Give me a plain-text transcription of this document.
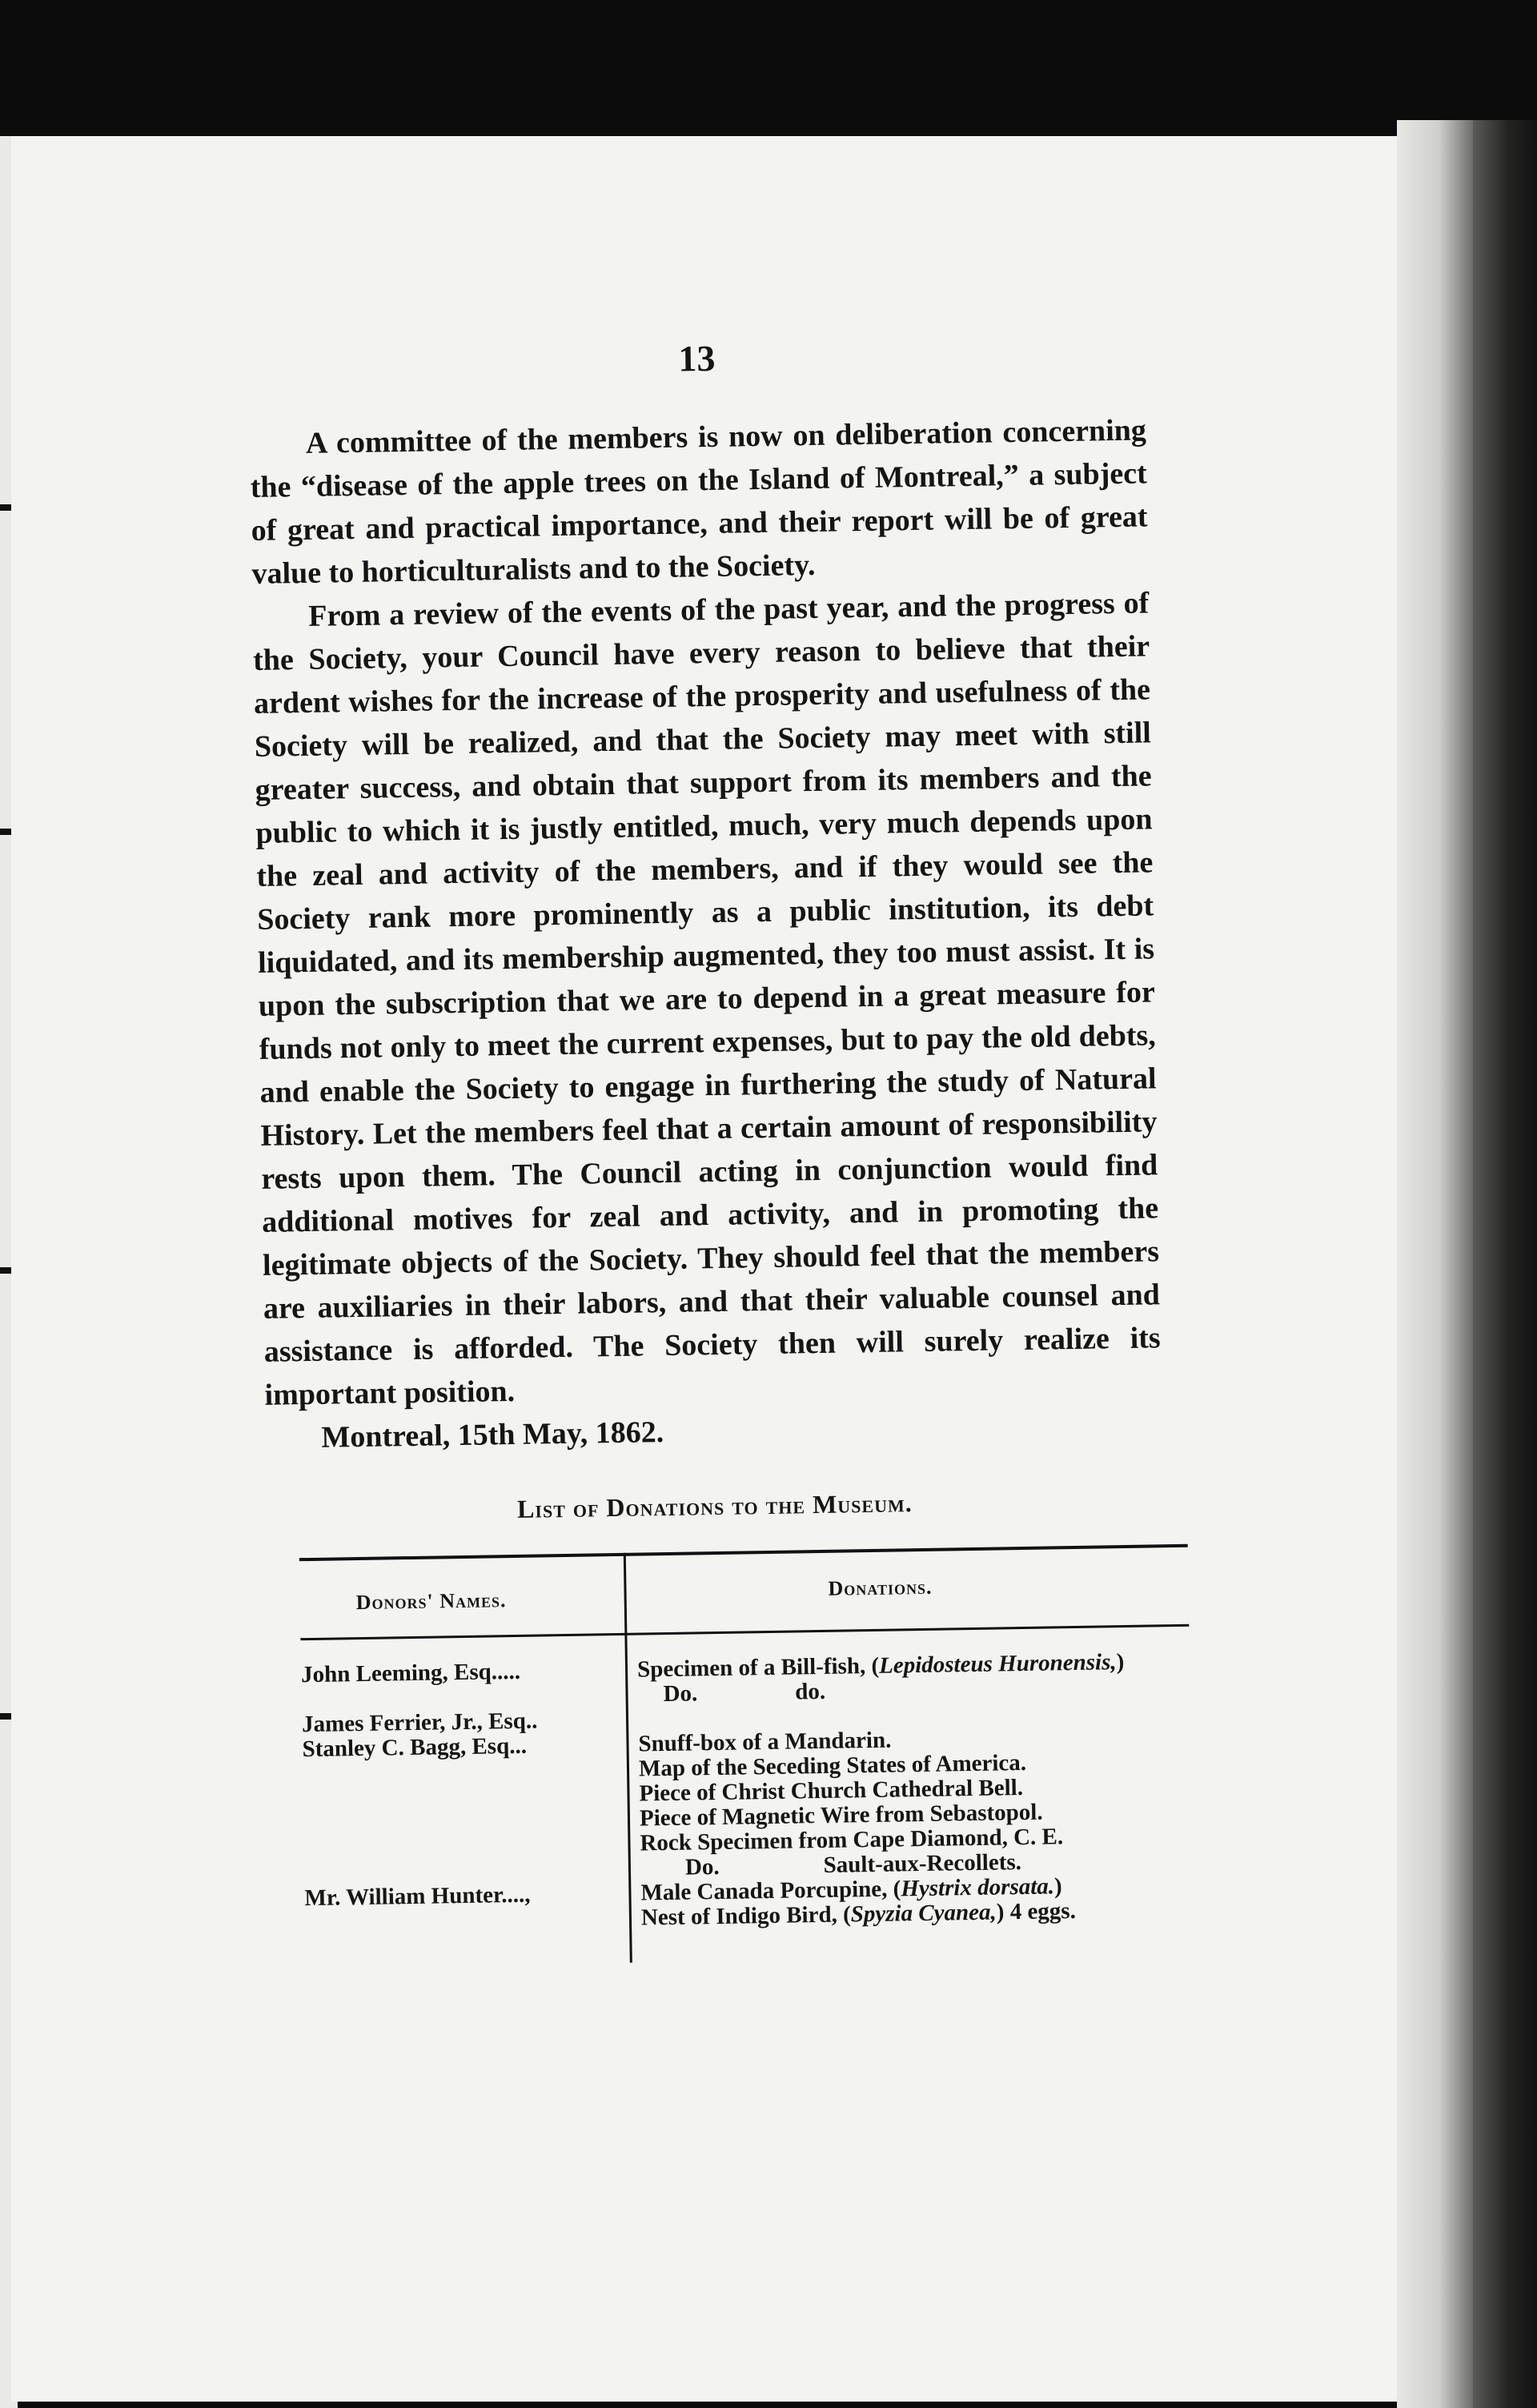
13

A committee of the members is now on deliberation concerning the “disease of the apple trees on the Island of Montreal,” a subject of great and practical importance, and their report will be of great value to horticulturalists and to the Society.

From a review of the events of the past year, and the progress of the Society, your Council have every reason to believe that their ardent wishes for the increase of the prosperity and usefulness of the Society will be realized, and that the Society may meet with still greater success, and obtain that support from its members and the public to which it is justly entitled, much, very much depends upon the zeal and activity of the members, and if they would see the Society rank more prominently as a public institution, its debt liquidated, and its membership augmented, they too must assist. It is upon the subscription that we are to depend in a great measure for funds not only to meet the current expenses, but to pay the old debts, and enable the Society to engage in furthering the study of Natural History. Let the members feel that a certain amount of responsibility rests upon them. The Council acting in conjunction would find additional motives for zeal and activity, and in promoting the legitimate objects of the Society. They should feel that the members are auxiliaries in their labors, and that their valuable counsel and assistance is afforded. The Society then will surely realize its important position.

Montreal, 15th May, 1862.

List of Donations to the Museum.
Donors' Names.
Donations.
John Leeming, Esq.....	Specimen of a Bill-fish, (Lepidosteus Huronensis,)
Do.	do.
James Ferrier, Jr., Esq..
Stanley C. Bagg, Esq...	Snuff-box of a Mandarin.
Map of the Seceding States of America.
Piece of Christ Church Cathedral Bell.
Piece of Magnetic Wire from Sebastopol.
Rock Specimen from Cape Diamond, C. E.
Do.	Sault-aux-Recollets.
Mr. William Hunter....,	Male Canada Porcupine, (Hystrix dorsata.)
Nest of Indigo Bird, (Spyzia Cyanea,) 4 eggs.
